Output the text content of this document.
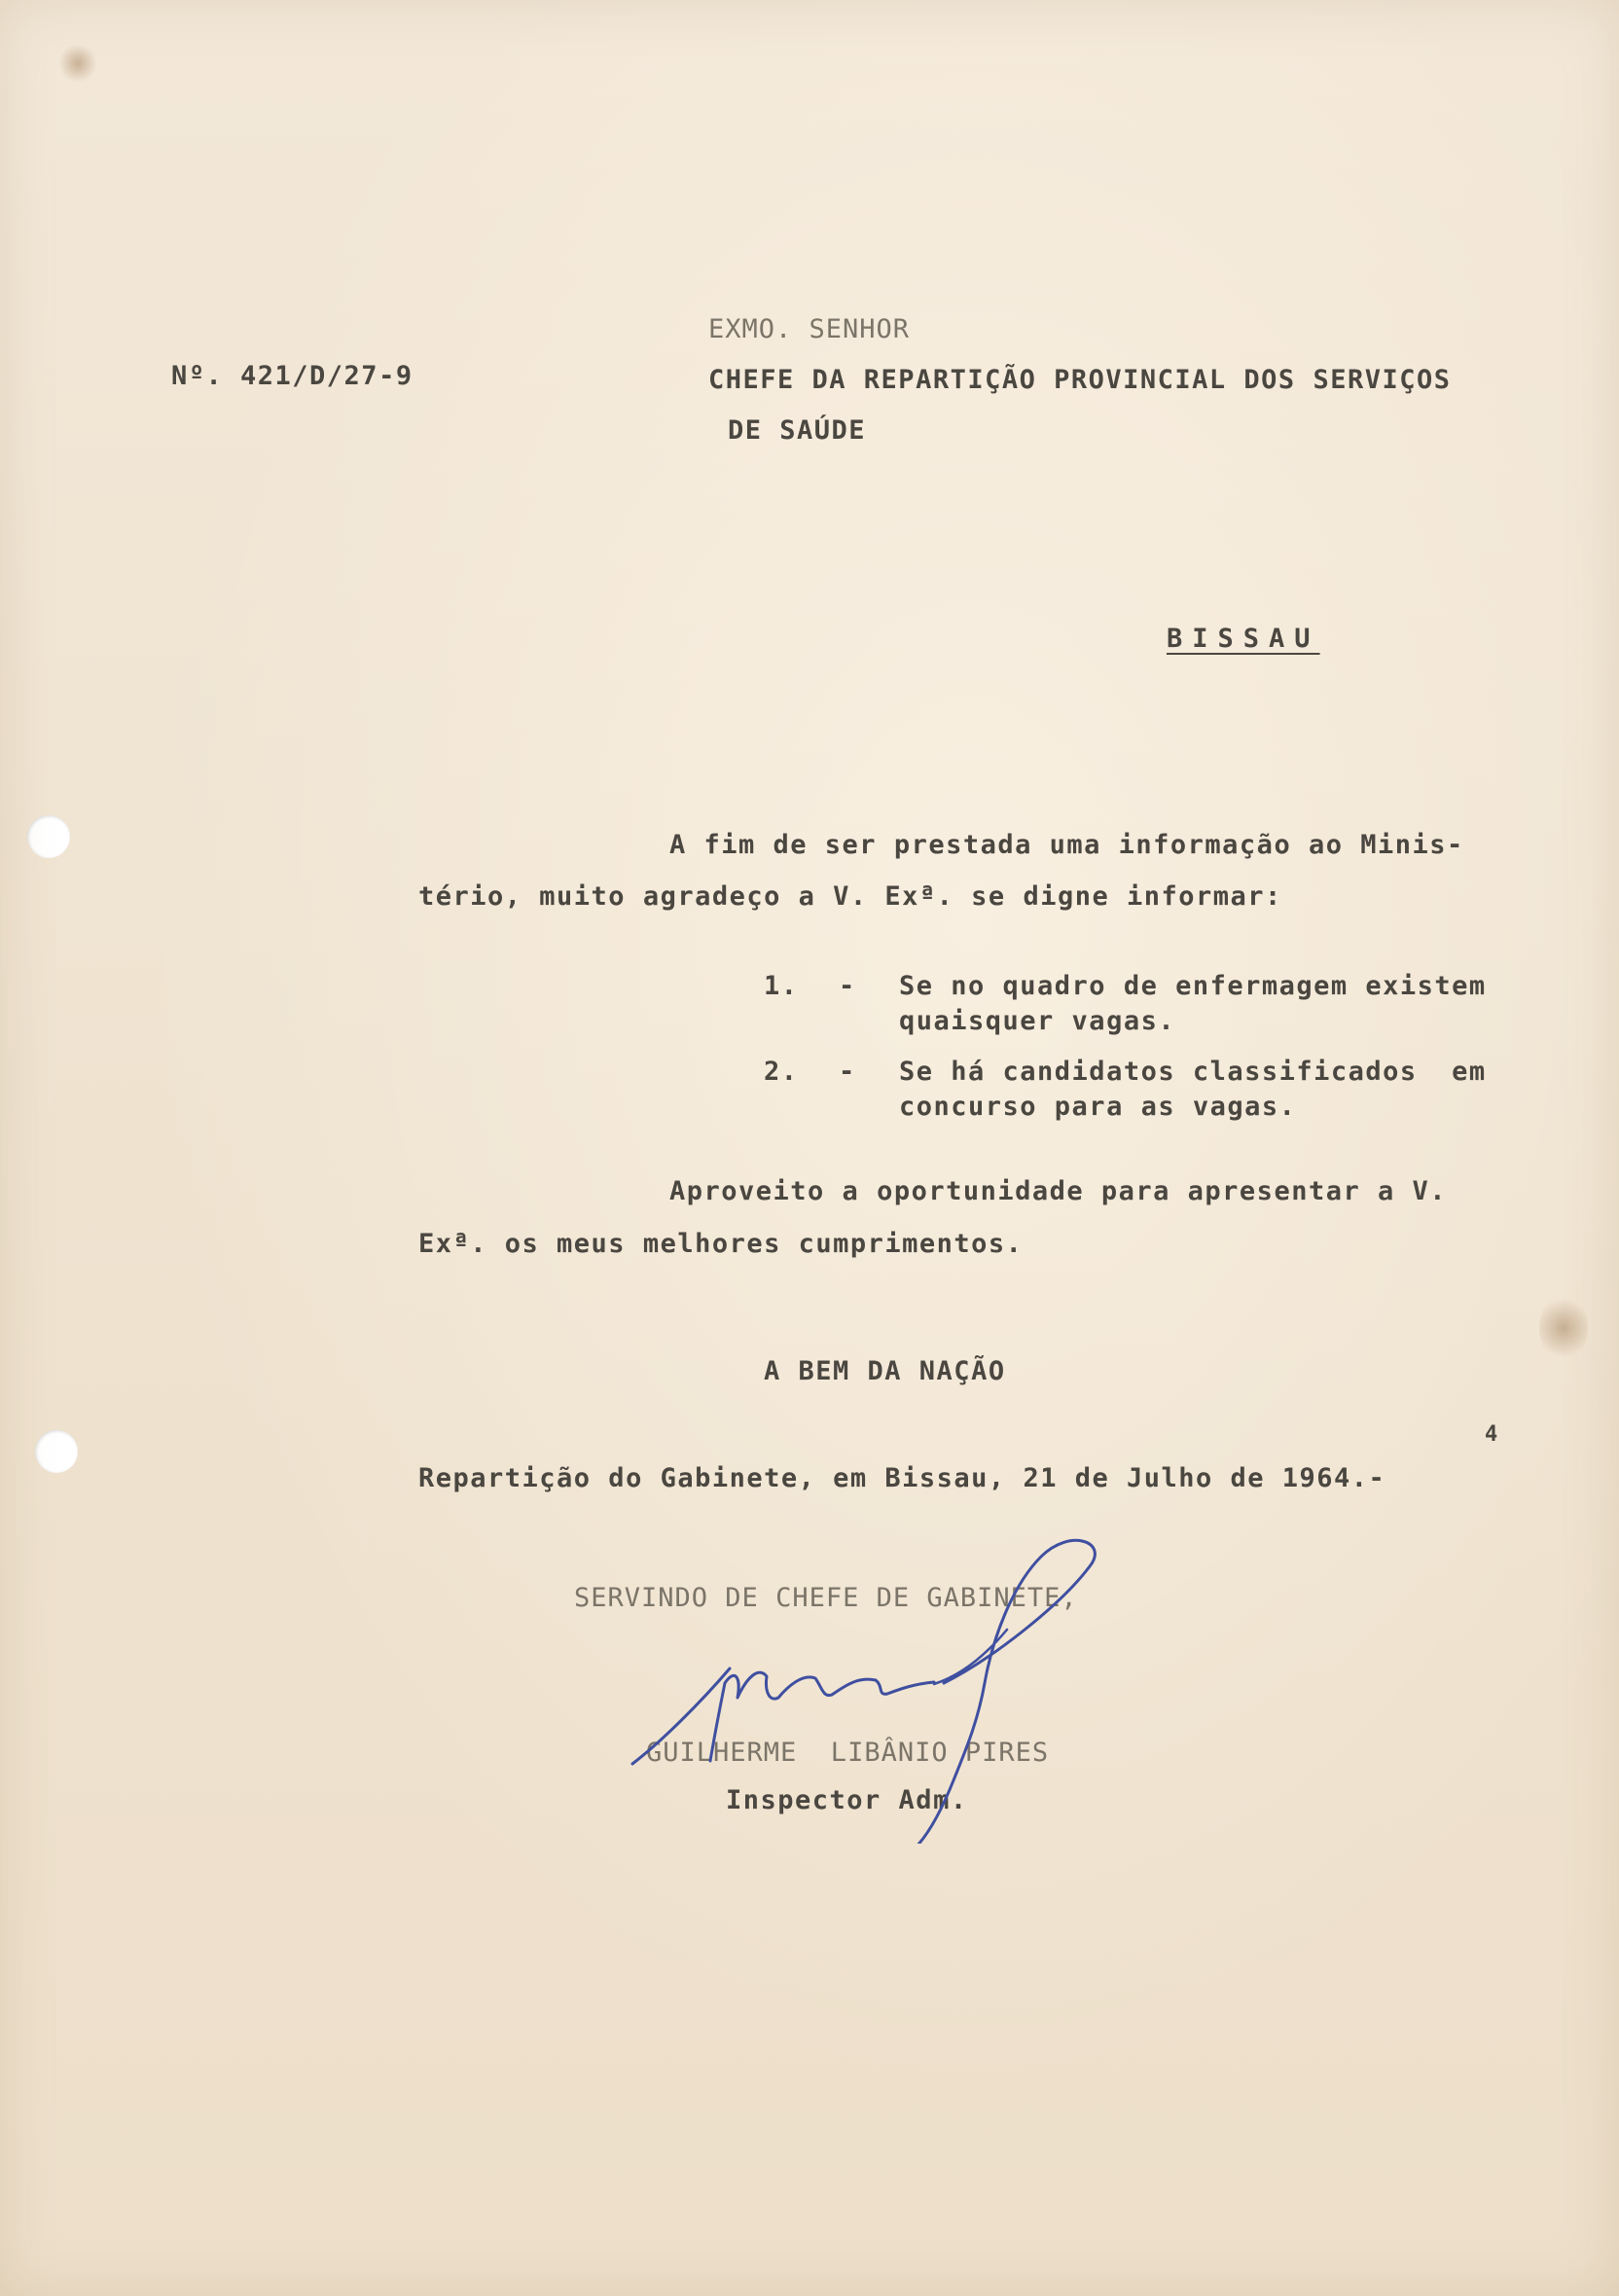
Nº. 421/D/27-9
EXMO. SENHOR
CHEFE DA REPARTIÇÃO PROVINCIAL DOS SERVIÇOS
DE SAÚDE
BISSAU
A fim de ser prestada uma informação ao Minis-
tério, muito agradeço a V. Exª. se digne informar:
1. - Se no quadro de enfermagem existem
quaisquer vagas.
2. - Se há candidatos classificados  em
concurso para as vagas.
Aproveito a oportunidade para apresentar a V.
Exª. os meus melhores cumprimentos.
A BEM DA NAÇÃO
Repartição do Gabinete, em Bissau, 21 de Julho de 1964.-
4
SERVINDO DE CHEFE DE GABINETE,
GUILHERME  LIBÂNIO PIRES
Inspector Adm.
